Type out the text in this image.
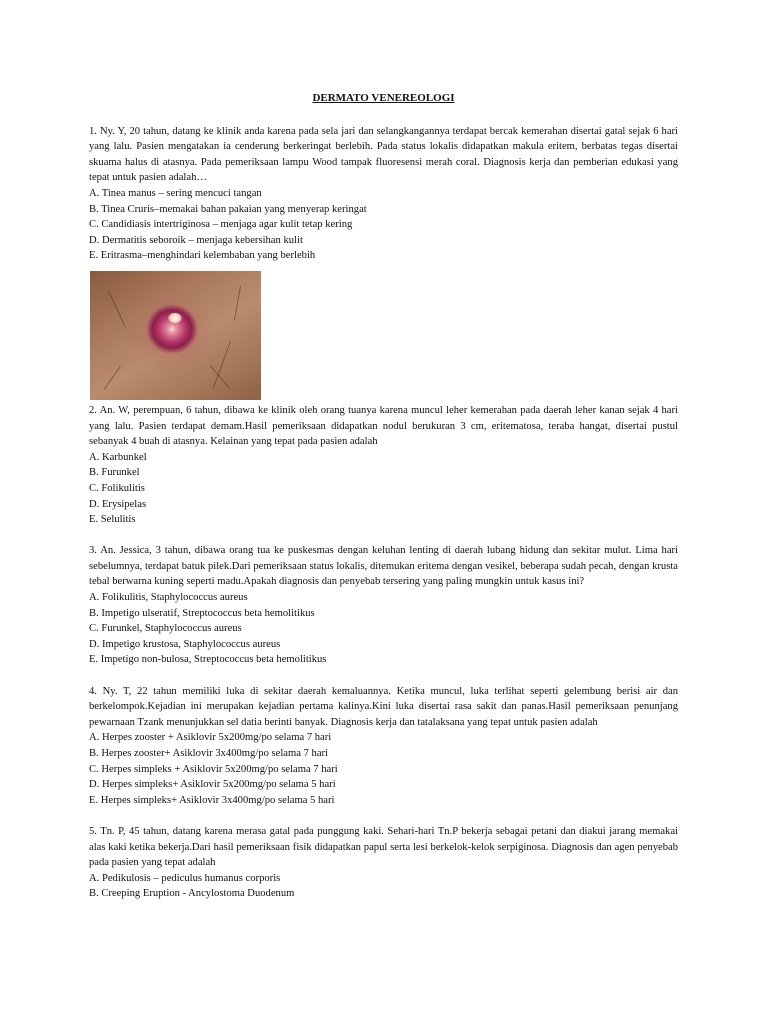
DERMATO VENEREOLOGI

1. Ny. Y, 20 tahun, datang ke klinik anda karena pada sela jari dan selangkangannya terdapat bercak kemerahan disertai gatal sejak 6 hari yang lalu. Pasien mengatakan ia cenderung berkeringat berlebih. Pada status lokalis didapatkan makula eritem, berbatas tegas disertai skuama halus di atasnya. Pada pemeriksaan lampu Wood tampak fluoresensi merah coral. Diagnosis kerja dan pemberian edukasi yang tepat untuk pasien adalah…

A. Tinea manus – sering mencuci tangan
B. Tinea Cruris–memakai bahan pakaian yang menyerap keringat
C. Candidiasis intertriginosa – menjaga agar kulit tetap kering
D. Dermatitis seboroik – menjaga kebersihan kulit
E. Eritrasma–menghindari kelembaban yang berlebih

2. An. W, perempuan, 6 tahun, dibawa ke klinik oleh orang tuanya karena muncul leher kemerahan pada daerah leher kanan sejak 4 hari yang lalu. Pasien terdapat demam.Hasil pemeriksaan didapatkan nodul berukuran 3 cm, eritematosa, teraba hangat, disertai pustul sebanyak 4 buah di atasnya. Kelainan yang tepat pada pasien adalah

A. Karbunkel
B. Furunkel
C. Folikulitis
D. Erysipelas
E. Selulitis

3. An. Jessica, 3 tahun, dibawa orang tua ke puskesmas dengan keluhan lenting di daerah lubang hidung dan sekitar mulut. Lima hari sebelumnya, terdapat batuk pilek.Dari pemeriksaan status lokalis, ditemukan eritema dengan vesikel, beberapa sudah pecah, dengan krusta tebal berwarna kuning seperti madu.Apakah diagnosis dan penyebab tersering yang paling mungkin untuk kasus ini?

A. Folikulitis, Staphylococcus aureus
B. Impetigo ulseratif, Streptococcus beta hemolitikus
C. Furunkel, Staphylococcus aureus
D. Impetigo krustosa, Staphylococcus aureus
E. Impetigo non-bulosa, Streptococcus beta hemolitikus

4. Ny. T, 22 tahun memiliki luka di sekitar daerah kemaluannya. Ketika muncul, luka terlihat seperti gelembung berisi air dan berkelompok.Kejadian ini merupakan kejadian pertama kalinya.Kini luka disertai rasa sakit dan panas.Hasil pemeriksaan penunjang pewarnaan Tzank menunjukkan sel datia berinti banyak. Diagnosis kerja dan tatalaksana yang tepat untuk pasien adalah

A. Herpes zooster + Asiklovir 5x200mg/po selama 7 hari
B. Herpes zooster+ Asiklovir 3x400mg/po selama 7 hari
C. Herpes simpleks + Asiklovir 5x200mg/po selama 7 hari
D. Herpes simpleks+ Asiklovir 5x200mg/po selama 5 hari
E. Herpes simpleks+ Asiklovir 3x400mg/po selama 5 hari

5. Tn. P, 45 tahun, datang karena merasa gatal pada punggung kaki. Sehari-hari Tn.P bekerja sebagai petani dan diakui jarang memakai alas kaki ketika bekerja.Dari hasil pemeriksaan fisik didapatkan papul serta lesi berkelok-kelok serpiginosa. Diagnosis dan agen penyebab pada pasien yang tepat adalah

A. Pedikulosis – pediculus humanus corporis
B. Creeping Eruption - Ancylostoma Duodenum
